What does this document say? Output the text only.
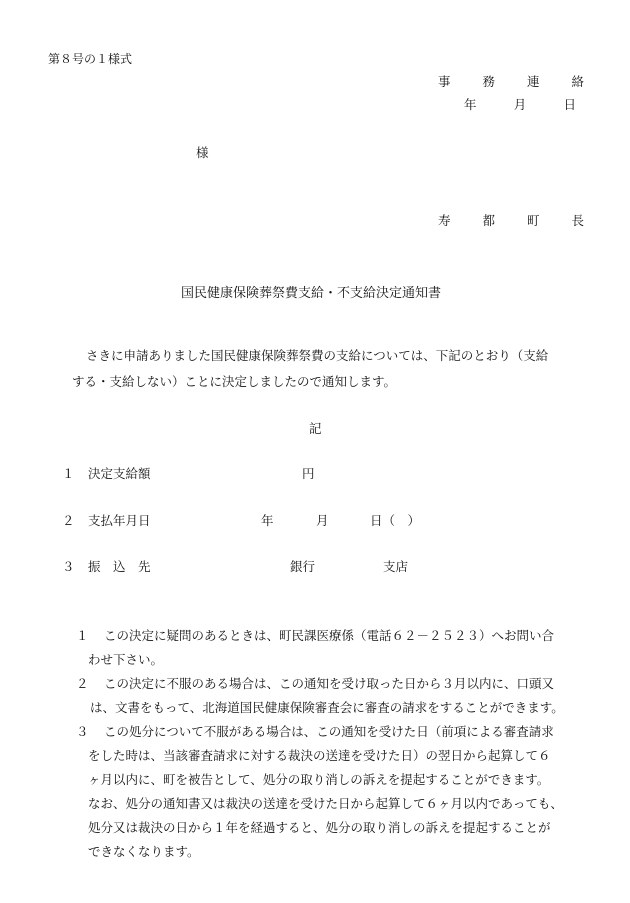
第８号の１様式
事	務	連	絡
年	月	日
様
寿	都	町	長
国民健康保険葬祭費支給・不支給決定通知書
さきに申請ありました国民健康保険葬祭費の支給については、下記のとおり（支給
する・支給しない）ことに決定しましたので通知します。
記
１ 決定支給額	円
２ 支払年月日	年	月	日（　）
３ 振　込　先	銀行	支店
１	この決定に疑問のあるときは、町民課医療係（電話６２－２５２３）へお問い合
わせ下さい。
２	この決定に不服のある場合は、この通知を受け取った日から３月以内に、口頭又
は、文書をもって、北海道国民健康保険審査会に審査の請求をすることができます。
３	この処分について不服がある場合は、この通知を受けた日（前項による審査請求
をした時は、当該審査請求に対する裁決の送達を受けた日）の翌日から起算して６
ヶ月以内に、町を被告として、処分の取り消しの訴えを提起することができます。
なお、処分の通知書又は裁決の送達を受けた日から起算して６ヶ月以内であっても、
処分又は裁決の日から１年を経過すると、処分の取り消しの訴えを提起することが
できなくなります。
